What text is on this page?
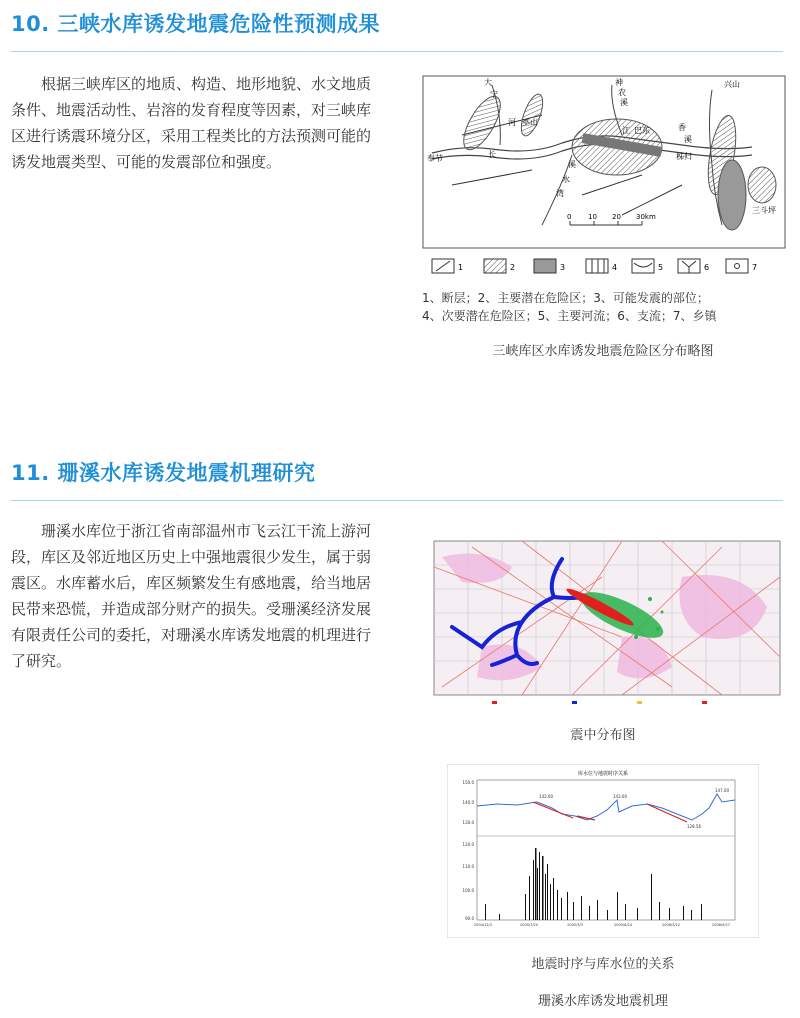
10. 三峡水库诱发地震危险性预测成果

根据三峡库区的地质、构造、地形地貌、水文地质条件、地震活动性、岩溶的发育程度等因素，对三峡库区进行诱震环境分区，采用工程类比的方法预测可能的诱发地震类型、可能的发震部位和强度。	奉节
大
宁
河 巫山
神
农
溪
巴东	香
溪
秭归
兴山
三斗坪
长
江
溪
水
湾
0 10 20 30km
1	2	3	4	5	6	7
1、断层；2、主要潜在危险区；3、可能发震的部位；
4、次要潜在危险区；5、主要河流；6、支流；7、乡镇
三峡库区水库诱发地震危险区分布略图
11. 珊溪水库诱发地震机理研究

珊溪水库位于浙江省南部温州市飞云江干流上游河段，库区及邻近地区历史上中强地震很少发生，属于弱震区。水库蓄水后，库区频繁发生有感地震，给当地居民带来恐慌，并造成部分财产的损失。受珊溪经济发展有限责任公司的委托，对珊溪水库诱发地震的机理进行了研究。

震中分布图
库水位与地震时序关系
150.0
140.0
130.0
120.0
110.0
100.0
90.0
142.00	143.00
147.00
128.56
2004/12/3	2005/7/20	2005/3/3	2005/6/24	2006/3/12	2006/9/27
地震时序与库水位的关系
珊溪水库诱发地震机理
